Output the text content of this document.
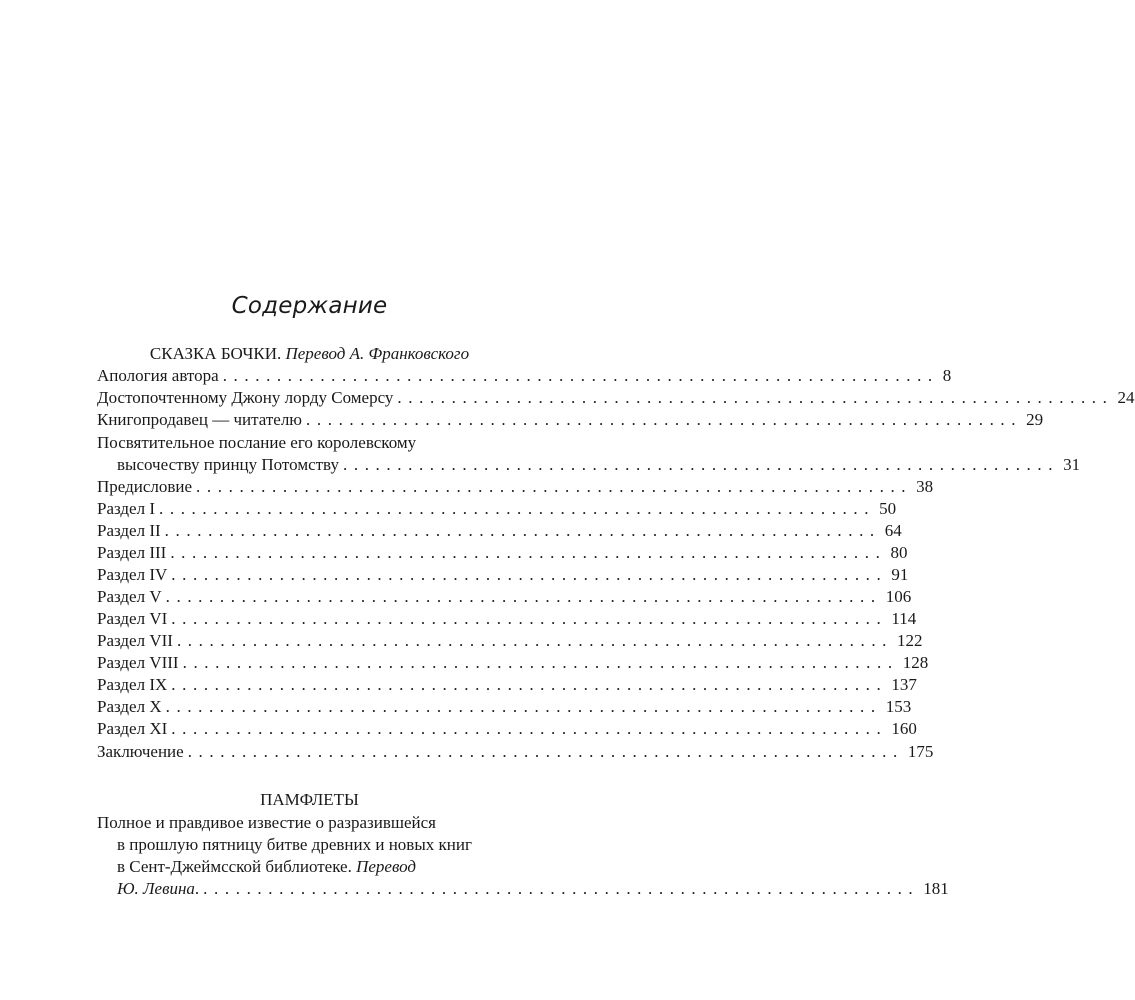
Содержание
СКАЗКА БОЧКИ. Перевод А. Франковского
Апология автора .................................................................. 8
Достопочтенному Джону лорду Сомерсу .................................................................. 24
Книгопродавец — читателю .................................................................. 29
Посвятительное послание его королевскому
высочеству принцу Потомству .................................................................. 31
Предисловие .................................................................. 38
Раздел I .................................................................. 50
Раздел II .................................................................. 64
Раздел III .................................................................. 80
Раздел IV .................................................................. 91
Раздел V .................................................................. 106
Раздел VI .................................................................. 114
Раздел VII .................................................................. 122
Раздел VIII .................................................................. 128
Раздел IX .................................................................. 137
Раздел X .................................................................. 153
Раздел XI .................................................................. 160
Заключение .................................................................. 175
ПАМФЛЕТЫ
Полное и правдивое известие о разразившейся
в прошлую пятницу битве древних и новых книг
в Сент-Джеймсской библиотеке. Перевод
Ю. Левина. .................................................................. 181
